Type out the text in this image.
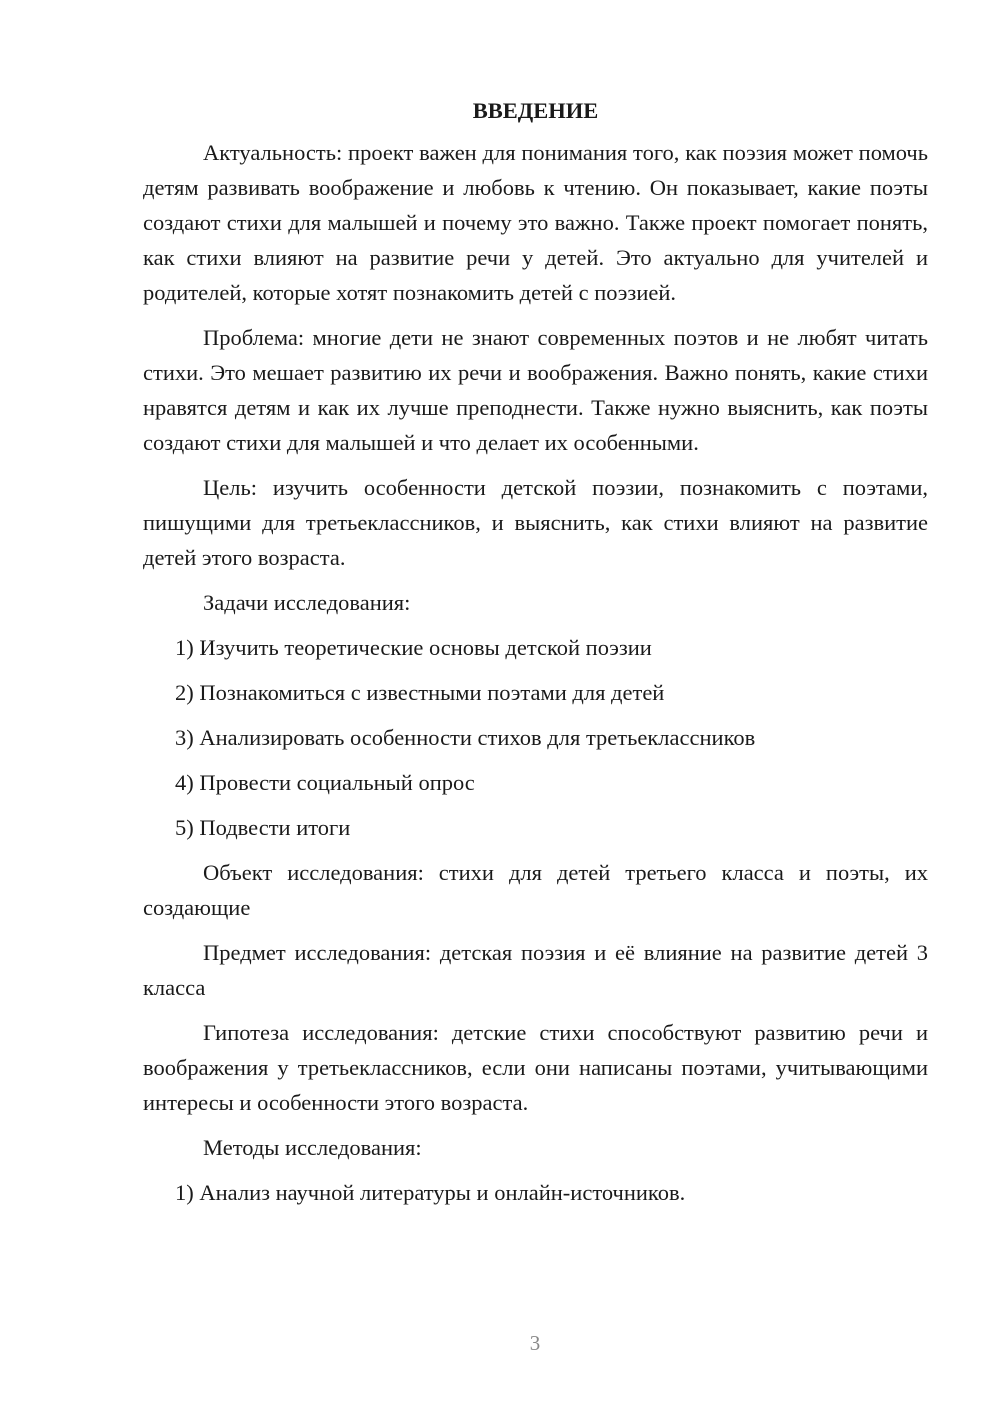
ВВЕДЕНИЕ

Актуальность: проект важен для понимания того, как поэзия может помочь детям развивать воображение и любовь к чтению. Он показывает, какие поэты создают стихи для малышей и почему это важно. Также проект помогает понять, как стихи влияют на развитие речи у детей. Это актуально для учителей и родителей, которые хотят познакомить детей с поэзией.

Проблема: многие дети не знают современных поэтов и не любят читать стихи. Это мешает развитию их речи и воображения. Важно понять, какие стихи нравятся детям и как их лучше преподнести. Также нужно выяснить, как поэты создают стихи для малышей и что делает их особенными.

Цель: изучить особенности детской поэзии, познакомить с поэтами, пишущими для третьеклассников, и выяснить, как стихи влияют на развитие детей этого возраста.

Задачи исследования:

1) Изучить теоретические основы детской поэзии

2) Познакомиться с известными поэтами для детей

3) Анализировать особенности стихов для третьеклассников

4) Провести социальный опрос

5) Подвести итоги

Объект исследования: стихи для детей третьего класса и поэты, их создающие

Предмет исследования: детская поэзия и её влияние на развитие детей 3 класса

Гипотеза исследования: детские стихи способствуют развитию речи и воображения у третьеклассников, если они написаны поэтами, учитывающими интересы и особенности этого возраста.

Методы исследования:

1) Анализ научной литературы и онлайн-источников.

3
